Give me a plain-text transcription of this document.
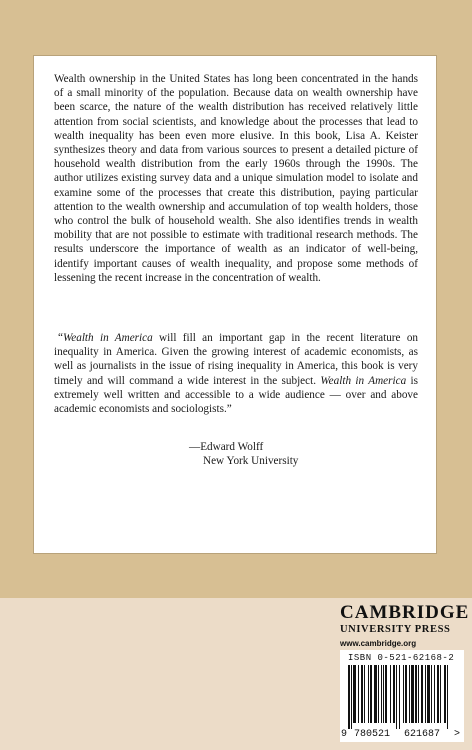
Wealth ownership in the United States has long been concentrated in the hands of a small minority of the population. Because data on wealth ownership have been scarce, the nature of the wealth distribution has received relatively little attention from social scientists, and knowledge about the processes that lead to wealth inequality has been even more elusive. In this book, Lisa A. Keister synthesizes theory and data from various sources to present a detailed picture of household wealth distribution from the early 1960s through the 1990s. The author utilizes existing survey data and a unique simulation model to isolate and examine some of the processes that create this distribution, paying particular attention to the wealth ownership and accumulation of top wealth holders, those who control the bulk of household wealth. She also identifies trends in wealth mobility that are not possible to estimate with traditional research methods. The results underscore the importance of wealth as an indicator of well-being, identify important causes of wealth inequality, and propose some methods of lessening the recent increase in the concentration of wealth.

“Wealth in America will fill an important gap in the recent literature on inequality in America. Given the growing interest of academic economists, as well as journalists in the issue of rising inequality in America, this book is very timely and will command a wide interest in the subject. Wealth in America is extremely well written and accessible to a wide audience — over and above academic economists and sociologists.”

—Edward Wolff
New York University
CAMBRIDGE
UNIVERSITY PRESS
www.cambridge.org
ISBN 0-521-62168-2
9 780521 621687 >
